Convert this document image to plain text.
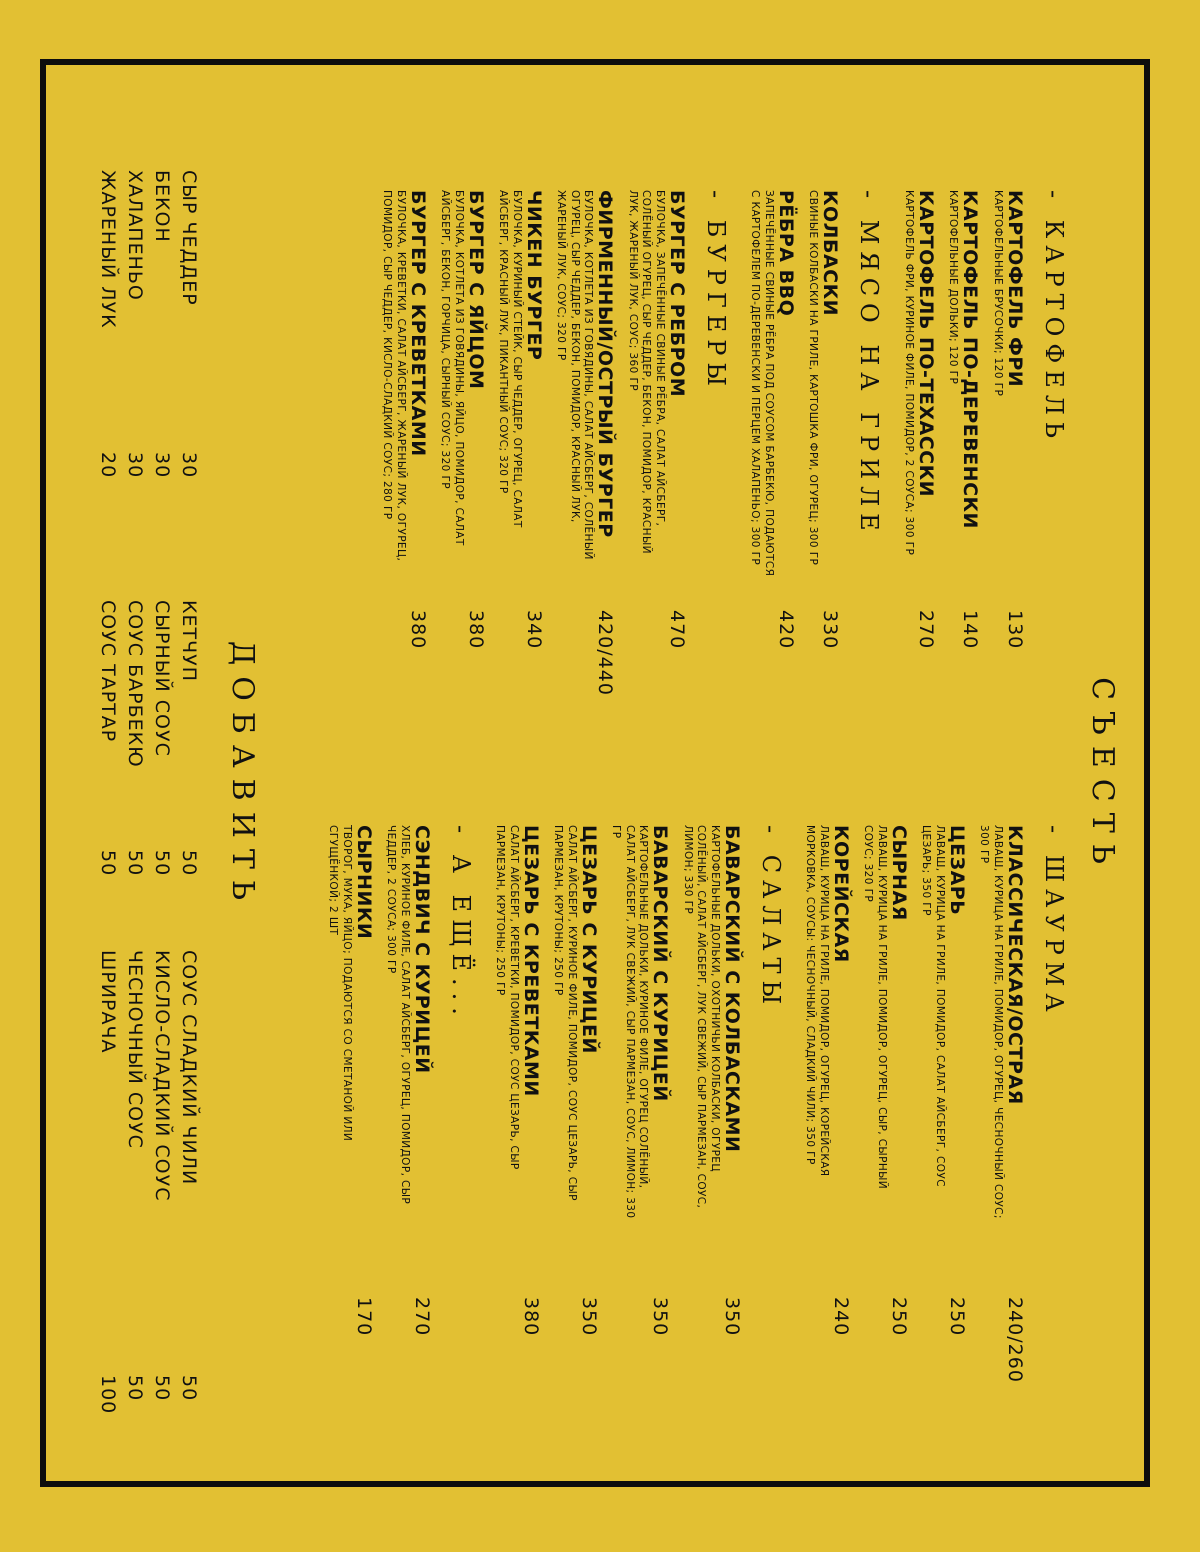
СЪЕСТЬ
- КАРТОФЕЛЬ
КАРТОФЕЛЬ ФРИ
КАРТОФЕЛЬНЫЕ БРУСОЧКИ; 120 ГР
130
КАРТОФЕЛЬ ПО-ДЕРЕВЕНСКИ
КАРТОФЕЛЬНЫЕ ДОЛЬКИ; 120 ГР
140
КАРТОФЕЛЬ ПО-ТЕХАССКИ
КАРТОФЕЛЬ ФРИ, КУРИНОЕ ФИЛЕ, ПОМИДОР, 2 СОУСА; 300 ГР
270
- МЯСО НА ГРИЛЕ
КОЛБАСКИ
СВИНЫЕ КОЛБАСКИ НА ГРИЛЕ, КАРТОШКА ФРИ, ОГУРЕЦ; 300 ГР
330
РЁБРА BBQ
ЗАПЕЧЁННЫЕ СВИНЫЕ РЁБРА ПОД СОУСОМ БАРБЕКЮ, ПОДАЮТСЯ С КАРТОФЕЛЕМ ПО-ДЕРЕВЕНСКИ И ПЕРЦЕМ ХАЛАПЕНЬО; 300 ГР
420
- БУРГЕРЫ
БУРГЕР С РЕБРОМ
БУЛОЧКА, ЗАПЕЧЁННЫЕ СВИНЫЕ РЁБРА, САЛАТ АЙСБЕРГ, СОЛЁНЫЙ ОГУРЕЦ, СЫР ЧЕДДЕР, БЕКОН, ПОМИДОР, КРАСНЫЙ ЛУК, ЖАРЕНЫЙ ЛУК, СОУС; 360 ГР
470
ФИРМЕННЫЙ/ОСТРЫЙ БУРГЕР
БУЛОЧКА, КОТЛЕТА ИЗ ГОВЯДИНЫ, САЛАТ АЙСБЕРГ, СОЛЁНЫЙ ОГУРЕЦ, СЫР ЧЕДДЕР, БЕКОН, ПОМИДОР, КРАСНЫЙ ЛУК, ЖАРЕНЫЙ ЛУК, СОУС; 320 ГР
420/440
ЧИКЕН БУРГЕР
БУЛОЧКА, КУРИНЫЙ СТЕЙК, СЫР ЧЕДДЕР, ОГУРЕЦ, САЛАТ АЙСБЕРГ, КРАСНЫЙ ЛУК, ПИКАНТНЫЙ СОУС; 320 ГР
340
БУРГЕР С ЯЙЦОМ
БУЛОЧКА, КОТЛЕТА ИЗ ГОВЯДИНЫ, ЯЙЦО, ПОМИДОР, САЛАТ АЙСБЕРГ, БЕКОН, ГОРЧИЦА, СЫРНЫЙ СОУС; 320 ГР
380
БУРГЕР С КРЕВЕТКАМИ
БУЛОЧКА, КРЕВЕТКИ, САЛАТ АЙСБЕРГ, ЖАРЕНЫЙ ЛУК, ОГУРЕЦ, ПОМИДОР, СЫР ЧЕДДЕР, КИСЛО-СЛАДКИЙ СОУС; 280 ГР
380
- ШАУРМА
КЛАССИЧЕСКАЯ/ОСТРАЯ
ЛАВАШ, КУРИЦА НА ГРИЛЕ, ПОМИДОР, ОГУРЕЦ, ЧЕСНОЧНЫЙ СОУС; 300 ГР
240/260
ЦЕЗАРЬ
ЛАВАШ, КУРИЦА НА ГРИЛЕ, ПОМИДОР, САЛАТ АЙСБЕРГ, СОУС ЦЕЗАРЬ; 350 ГР
250
СЫРНАЯ
ЛАВАШ, КУРИЦА НА ГРИЛЕ, ПОМИДОР, ОГУРЕЦ, СЫР, СЫРНЫЙ СОУС; 320 ГР
250
КОРЕЙСКАЯ
ЛАВАШ, КУРИЦА НА ГРИЛЕ, ПОМИДОР, ОГУРЕЦ, КОРЕЙСКАЯ МОРКОВКА, СОУСЫ: ЧЕСНОЧНЫЙ, СЛАДКИЙ ЧИЛИ; 350 ГР
240
- САЛАТЫ
БАВАРСКИЙ С КОЛБАСКАМИ
КАРТОФЕЛЬНЫЕ ДОЛЬКИ, ОХОТНИЧЬИ КОЛБАСКИ, ОГУРЕЦ СОЛЁНЫЙ, САЛАТ АЙСБЕРГ, ЛУК СВЕЖИЙ, СЫР ПАРМЕЗАН, СОУС, ЛИМОН; 330 ГР
350
БАВАРСКИЙ С КУРИЦЕЙ
КАРТОФЕЛЬНЫЕ ДОЛЬКИ, КУРИНОЕ ФИЛЕ, ОГУРЕЦ СОЛЁНЫЙ, САЛАТ АЙСБЕРГ, ЛУК СВЕЖИЙ, СЫР ПАРМЕЗАН, СОУС, ЛИМОН; 330 ГР
350
ЦЕЗАРЬ С КУРИЦЕЙ
САЛАТ АЙСБЕРГ, КУРИНОЕ ФИЛЕ, ПОМИДОР, СОУС ЦЕЗАРЬ, СЫР ПАРМЕЗАН, КРУТОНЫ; 250 ГР
350
ЦЕЗАРЬ С КРЕВЕТКАМИ
САЛАТ АЙСБЕРГ, КРЕВЕТКИ, ПОМИДОР, СОУС ЦЕЗАРЬ, СЫР ПАРМЕЗАН, КРУТОНЫ; 250 ГР
380
- А ЕЩЁ...
СЭНДВИЧ С КУРИЦЕЙ
ХЛЕБ, КУРИНОЕ ФИЛЕ, САЛАТ АЙСБЕРГ, ОГУРЕЦ, ПОМИДОР, СЫР ЧЕДДЕР, 2 СОУСА; 300 ГР
270
СЫРНИКИ
ТВОРОГ, МУКА, ЯЙЦО; ПОДАЮТСЯ СО СМЕТАНОЙ ИЛИ СГУЩЁНКОЙ; 2 ШТ
170
ДОБАВИТЬ
СЫР ЧЕДДЕР
30
БЕКОН
30
ХАЛАПЕНЬО
30
ЖАРЕНЫЙ ЛУК
20
КЕТЧУП
50
СЫРНЫЙ СОУС
50
СОУС БАРБЕКЮ
50
СОУС ТАРТАР
50
СОУС СЛАДКИЙ ЧИЛИ
50
КИСЛО-СЛАДКИЙ СОУС
50
ЧЕСНОЧНЫЙ СОУС
50
ШРИРАЧА
100
